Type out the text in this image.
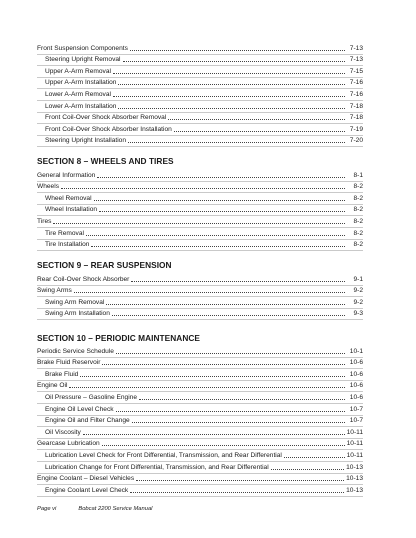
Front Suspension Components	7-13
Steering Upright Removal	7-13
Upper A-Arm Removal	7-15
Upper A-Arm Installation	7-16
Lower A-Arm Removal	7-16
Lower A-Arm Installation	7-18
Front Coil-Over Shock Absorber Removal	7-18
Front Coil-Over Shock Absorber Installation	7-19
Steering Upright Installation	7-20
SECTION 8 – WHEELS AND TIRES
General Information	8-1
Wheels	8-2
Wheel Removal	8-2
Wheel Installation	8-2
Tires	8-2
Tire Removal	8-2
Tire Installation	8-2
SECTION 9 – REAR SUSPENSION
Rear Coil-Over Shock Absorber	9-1
Swing Arms	9-2
Swing Arm Removal	9-2
Swing Arm Installation	9-3
SECTION 10 – PERIODIC MAINTENANCE
Periodic Service Schedule	10-1
Brake Fluid Reservoir	10-6
Brake Fluid	10-6
Engine Oil	10-6
Oil Pressure – Gasoline Engine	10-6
Engine Oil Level Check	10-7
Engine Oil and Filter Change	10-7
Oil Viscosity	10-11
Gearcase Lubrication	10-11
Lubrication Level Check for Front Differential, Transmission, and Rear Differential	10-11
Lubrication Change for Front Differential, Transmission, and Rear Differential	10-13
Engine Coolant – Diesel Vehicles	10-13
Engine Coolant Level Check	10-13
Page vi	Bobcat 2200 Service Manual
